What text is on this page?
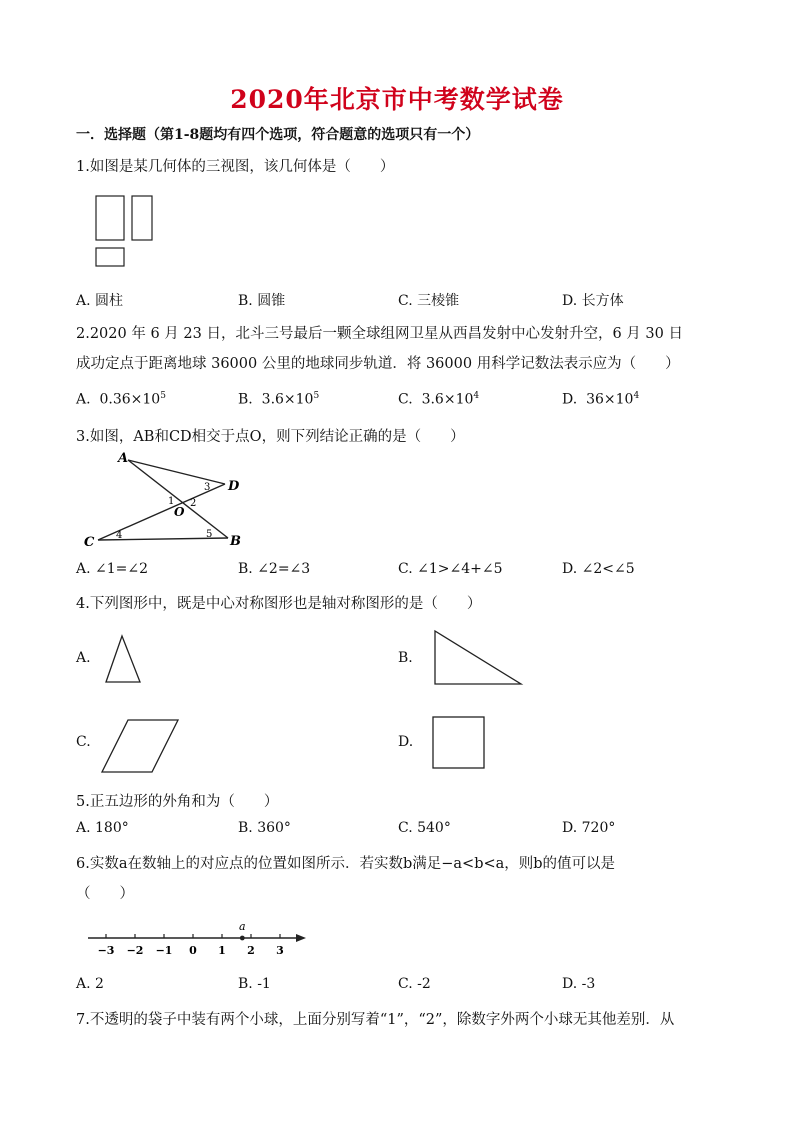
2020年北京市中考数学试卷
一．选择题（第1-8题均有四个选项，符合题意的选项只有一个）
1.如图是某几何体的三视图，该几何体是（　　）
A. 圆柱	B. 圆锥	C. 三棱锥	D. 长方体
2.2020 年 6 月 23 日，北斗三号最后一颗全球组网卫星从西昌发射中心发射升空，6 月 30 日
成功定点于距离地球 36000 公里的地球同步轨道．将 36000 用科学记数法表示应为（　　）
A. $0.36\times 10^5$	B. $3.6\times 10^5$	C. $3.6\times 10^4$	D. $36\times 10^4$
3.如图，AB和CD相交于点O，则下列结论正确的是（　　）
A
D
C	B
O
1 2
3
4	5
A. ∠1=∠2	B. ∠2=∠3	C. ∠1>∠4+∠5	D. ∠2<∠5
4.下列图形中，既是中心对称图形也是轴对称图形的是（　　）
A.	B.
C.	D.
5.正五边形的外角和为（　　）
A. 180°	B. 360°	C. 540°	D. 720°
6.实数a在数轴上的对应点的位置如图所示．若实数b满足−a<b<a，则b的值可以是
（　　）
−3 −2 −1 0 1 2 3
a
A. 2	B. -1	C. -2	D. -3
7.不透明的袋子中装有两个小球，上面分别写着“1”，“2”，除数字外两个小球无其他差别．从
